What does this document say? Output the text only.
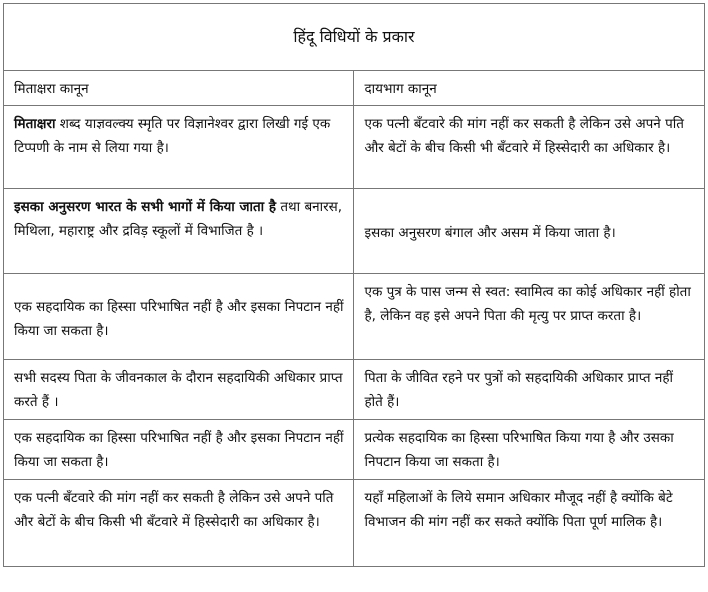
हिंदू विधियों के प्रकार	
मिताक्षरा कानून	दायभाग कानून
मिताक्षरा शब्द याज्ञवल्क्य स्मृति पर विज्ञानेश्वर द्वारा लिखी गई एक टिप्पणी के नाम से लिया गया है।	एक पत्नी बँटवारे की मांग नहीं कर सकती है लेकिन उसे अपने पति और बेटों के बीच किसी भी बँटवारे में हिस्सेदारी का अधिकार है।
इसका अनुसरण भारत के सभी भागों में किया जाता है तथा बनारस, मिथिला, महाराष्ट्र और द्रविड़ स्कूलों में विभाजित है ।	इसका अनुसरण बंगाल और असम में किया जाता है।
एक सहदायिक का हिस्सा परिभाषित नहीं है और इसका निपटान नहीं किया जा सकता है।	एक पुत्र के पास जन्म से स्वत: स्वामित्व का कोई अधिकार नहीं होता है, लेकिन वह इसे अपने पिता की मृत्यु पर प्राप्त करता है।
सभी सदस्य पिता के जीवनकाल के दौरान सहदायिकी अधिकार प्राप्त करते हैं ।	पिता के जीवित रहने पर पुत्रों को सहदायिकी अधिकार प्राप्त नहीं होते हैं।
एक सहदायिक का हिस्सा परिभाषित नहीं है और इसका निपटान नहीं किया जा सकता है।	प्रत्येक सहदायिक का हिस्सा परिभाषित किया गया है और उसका निपटान किया जा सकता है।
एक पत्नी बँटवारे की मांग नहीं कर सकती है लेकिन उसे अपने पति और बेटों के बीच किसी भी बँटवारे में हिस्सेदारी का अधिकार है।	यहाँ महिलाओं के लिये समान अधिकार मौजूद नहीं है क्योंकि बेटे विभाजन की मांग नहीं कर सकते क्योंकि पिता पूर्ण मालिक है।
